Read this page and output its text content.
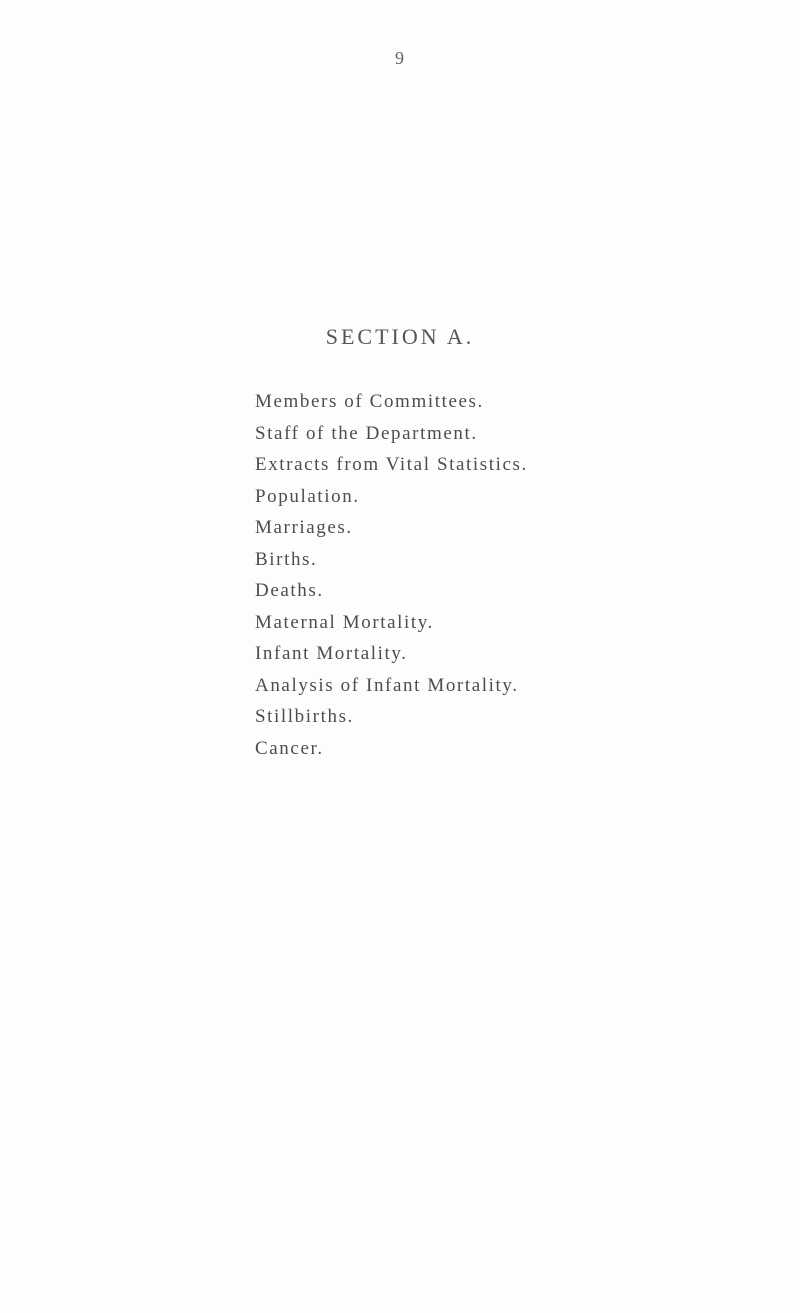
9
SECTION A.
Members of Committees.
Staff of the Department.
Extracts from Vital Statistics.
Population.
Marriages.
Births.
Deaths.
Maternal Mortality.
Infant Mortality.
Analysis of Infant Mortality.
Stillbirths.
Cancer.
